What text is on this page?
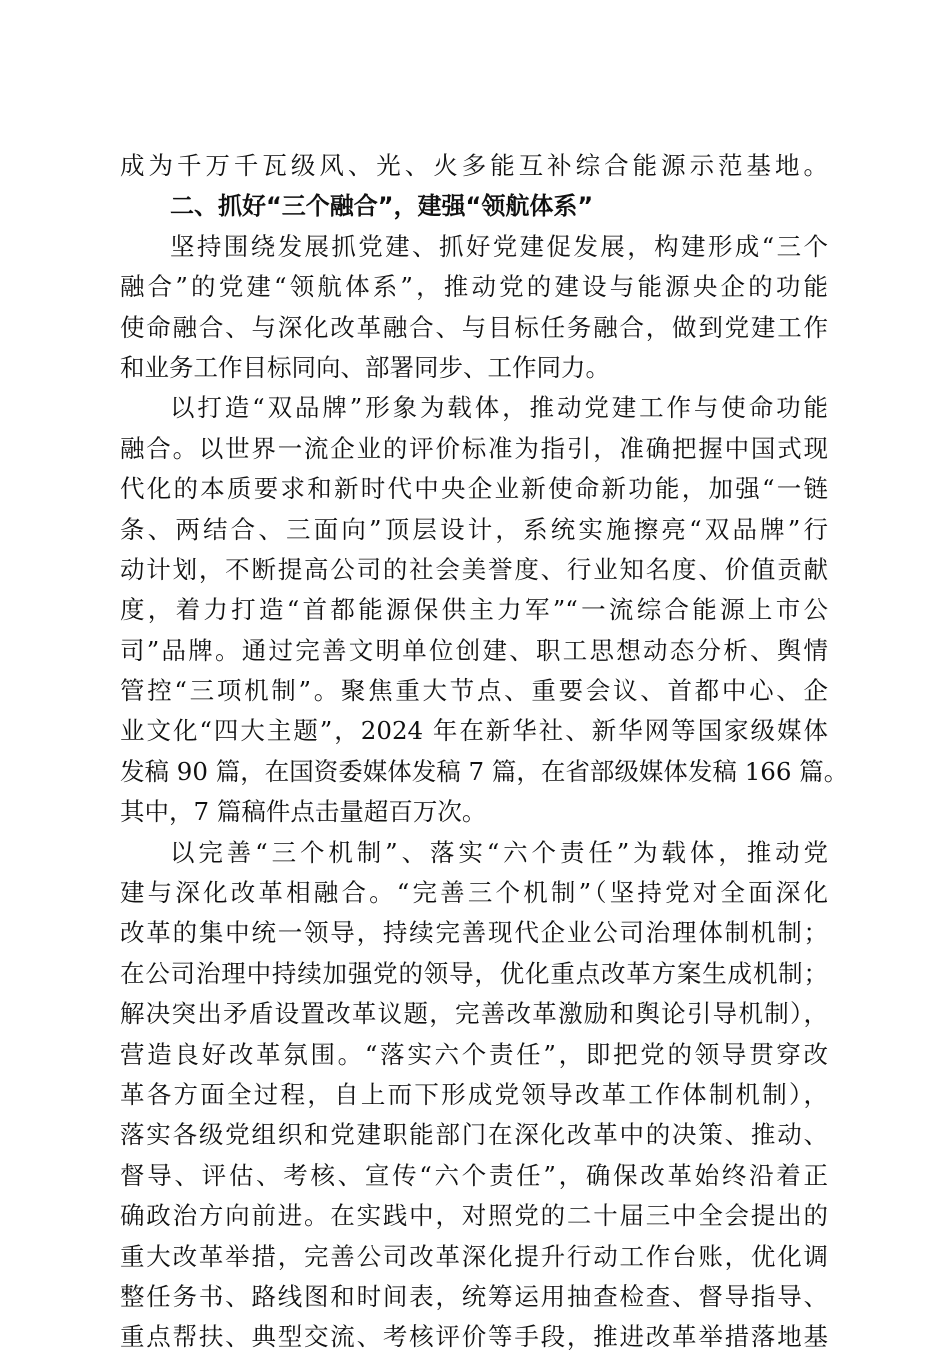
成为千万千瓦级风、光、火多能互补综合能源示范基地。
二、抓好“三个融合”，建强“领航体系”
坚持围绕发展抓党建、抓好党建促发展，构建形成“三个
融合”的党建“领航体系”，推动党的建设与能源央企的功能
使命融合、与深化改革融合、与目标任务融合，做到党建工作
和业务工作目标同向、部署同步、工作同力。
以打造“双品牌”形象为载体，推动党建工作与使命功能
融合。以世界一流企业的评价标准为指引，准确把握中国式现
代化的本质要求和新时代中央企业新使命新功能，加强“一链
条、两结合、三面向”顶层设计，系统实施擦亮“双品牌”行
动计划，不断提高公司的社会美誉度、行业知名度、价值贡献
度，着力打造“首都能源保供主力军”“一流综合能源上市公
司”品牌。通过完善文明单位创建、职工思想动态分析、舆情
管控“三项机制”。聚焦重大节点、重要会议、首都中心、企
业文化“四大主题”，2024 年在新华社、新华网等国家级媒体
发稿 90 篇，在国资委媒体发稿 7 篇，在省部级媒体发稿 166 篇。
其中，7 篇稿件点击量超百万次。
以完善“三个机制”、落实“六个责任”为载体，推动党
建与深化改革相融合。“完善三个机制”（坚持党对全面深化
改革的集中统一领导，持续完善现代企业公司治理体制机制；
在公司治理中持续加强党的领导，优化重点改革方案生成机制；
解决突出矛盾设置改革议题，完善改革激励和舆论引导机制），
营造良好改革氛围。“落实六个责任”，即把党的领导贯穿改
革各方面全过程，自上而下形成党领导改革工作体制机制），
落实各级党组织和党建职能部门在深化改革中的决策、推动、
督导、评估、考核、宣传“六个责任”，确保改革始终沿着正
确政治方向前进。在实践中，对照党的二十届三中全会提出的
重大改革举措，完善公司改革深化提升行动工作台账，优化调
整任务书、路线图和时间表，统筹运用抽查检查、督导指导、
重点帮扶、典型交流、考核评价等手段，推进改革举措落地基
